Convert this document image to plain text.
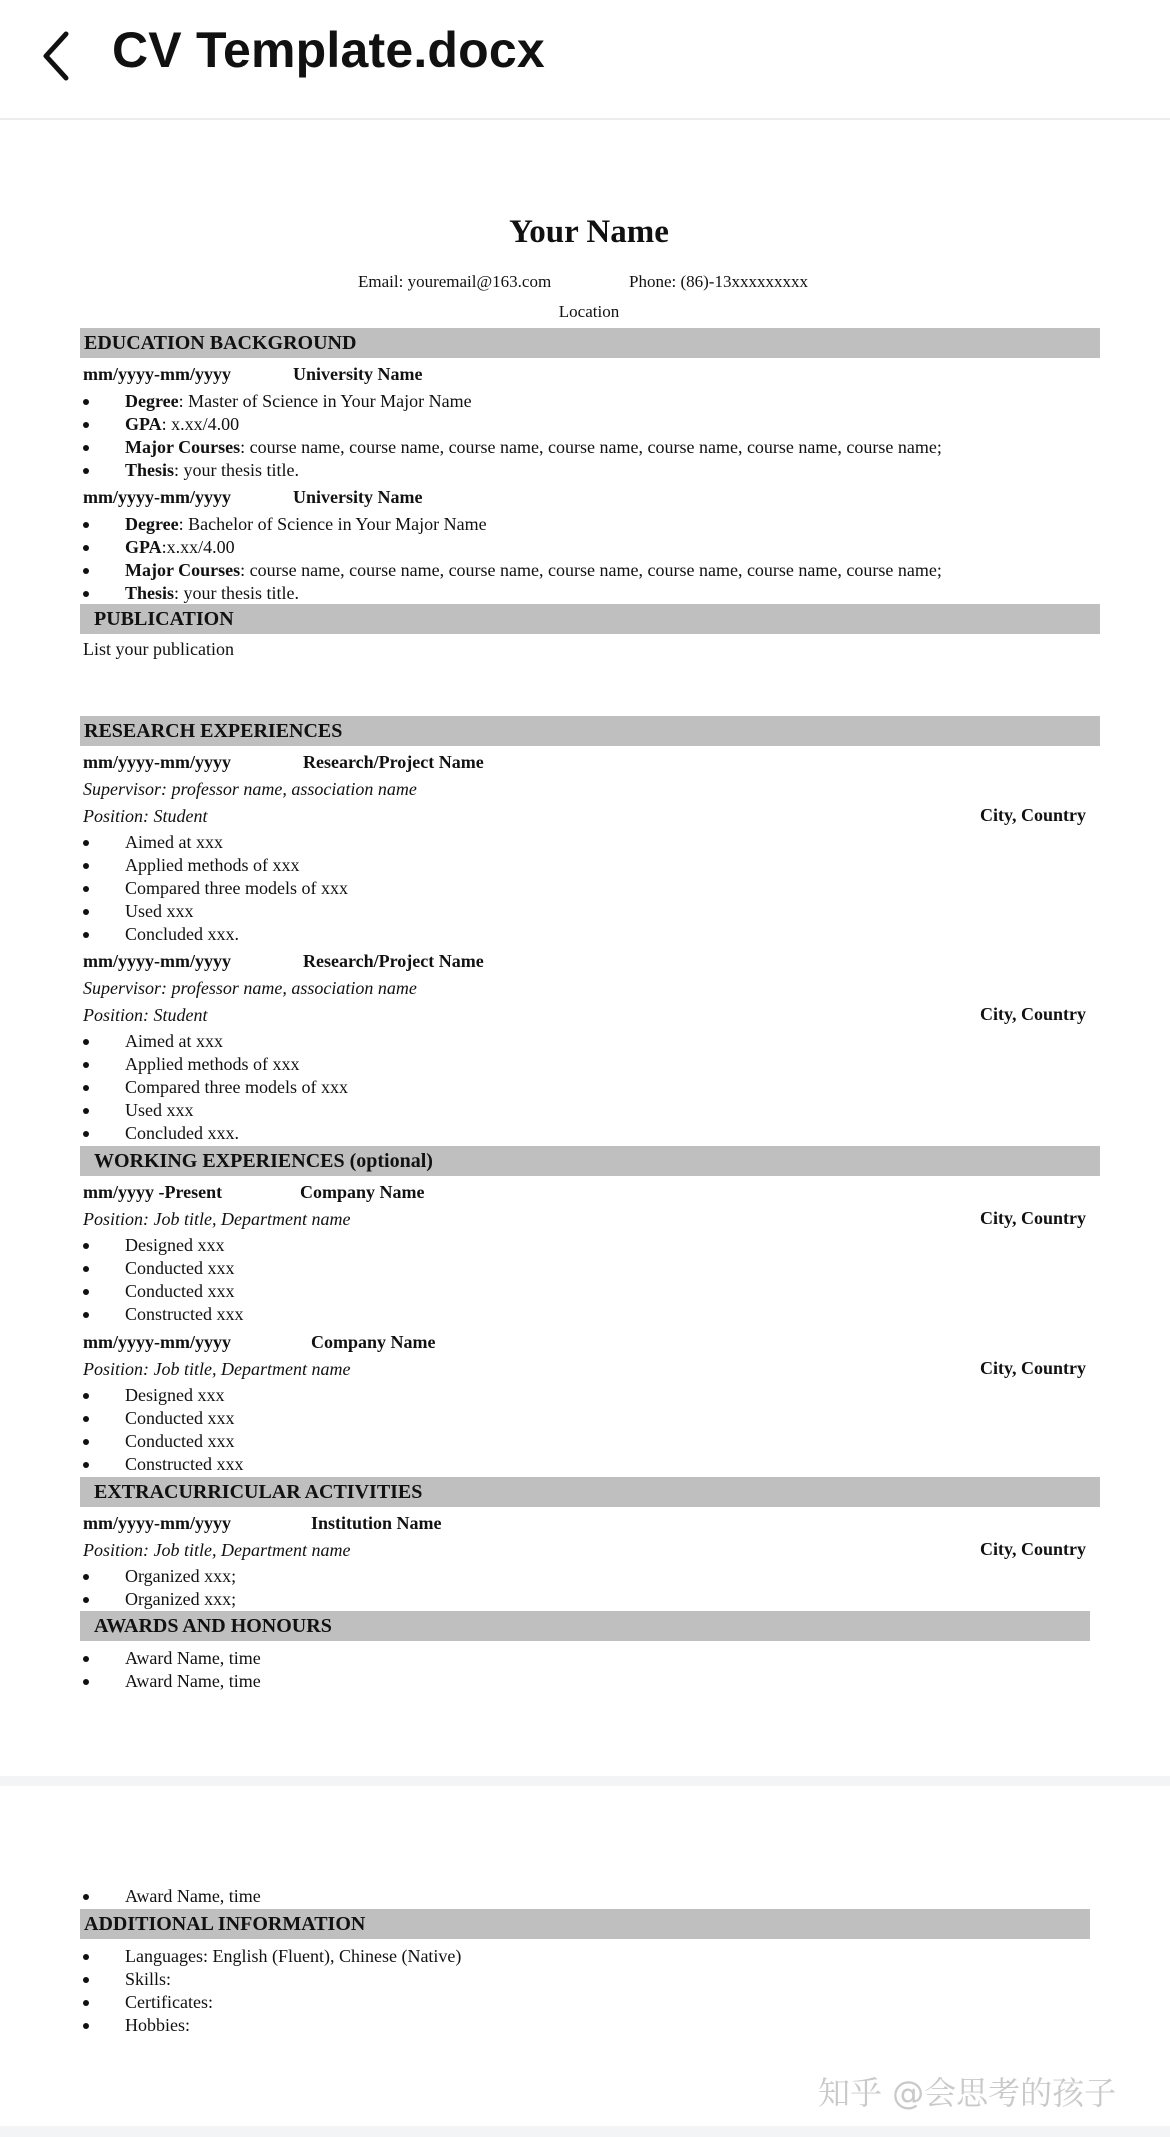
CV Template.docx
Your Name
Email: youremail@163.com	Phone: (86)-13xxxxxxxxx
Location
EDUCATION BACKGROUND
mm/yyyy-mm/yyyy	University Name
Degree: Master of Science in Your Major Name
GPA: x.xx/4.00
Major Courses: course name, course name, course name, course name, course name, course name, course name;
Thesis: your thesis title.
mm/yyyy-mm/yyyy	University Name
Degree: Bachelor of Science in Your Major Name
GPA:x.xx/4.00
Major Courses: course name, course name, course name, course name, course name, course name, course name;
Thesis: your thesis title.
PUBLICATION
List your publication
RESEARCH EXPERIENCES
mm/yyyy-mm/yyyy	Research/Project Name
Supervisor: professor name, association name
Position: Student	City, Country
Aimed at xxx
Applied methods of xxx
Compared three models of xxx
Used xxx
Concluded xxx.
mm/yyyy-mm/yyyy	Research/Project Name
Supervisor: professor name, association name
Position: Student	City, Country
Aimed at xxx
Applied methods of xxx
Compared three models of xxx
Used xxx
Concluded xxx.
WORKING EXPERIENCES (optional)
mm/yyyy -Present	Company Name
Position: Job title, Department name	City, Country
Designed xxx
Conducted xxx
Conducted xxx
Constructed xxx
mm/yyyy-mm/yyyy	Company Name
Position: Job title, Department name	City, Country
Designed xxx
Conducted xxx
Conducted xxx
Constructed xxx
EXTRACURRICULAR ACTIVITIES
mm/yyyy-mm/yyyy	Institution Name
Position: Job title, Department name	City, Country
Organized xxx;
Organized xxx;
AWARDS AND HONOURS
Award Name, time
Award Name, time
Award Name, time
ADDITIONAL INFORMATION
Languages: English (Fluent), Chinese (Native)
Skills:
Certificates:
Hobbies:
知乎 @会思考的孩子
